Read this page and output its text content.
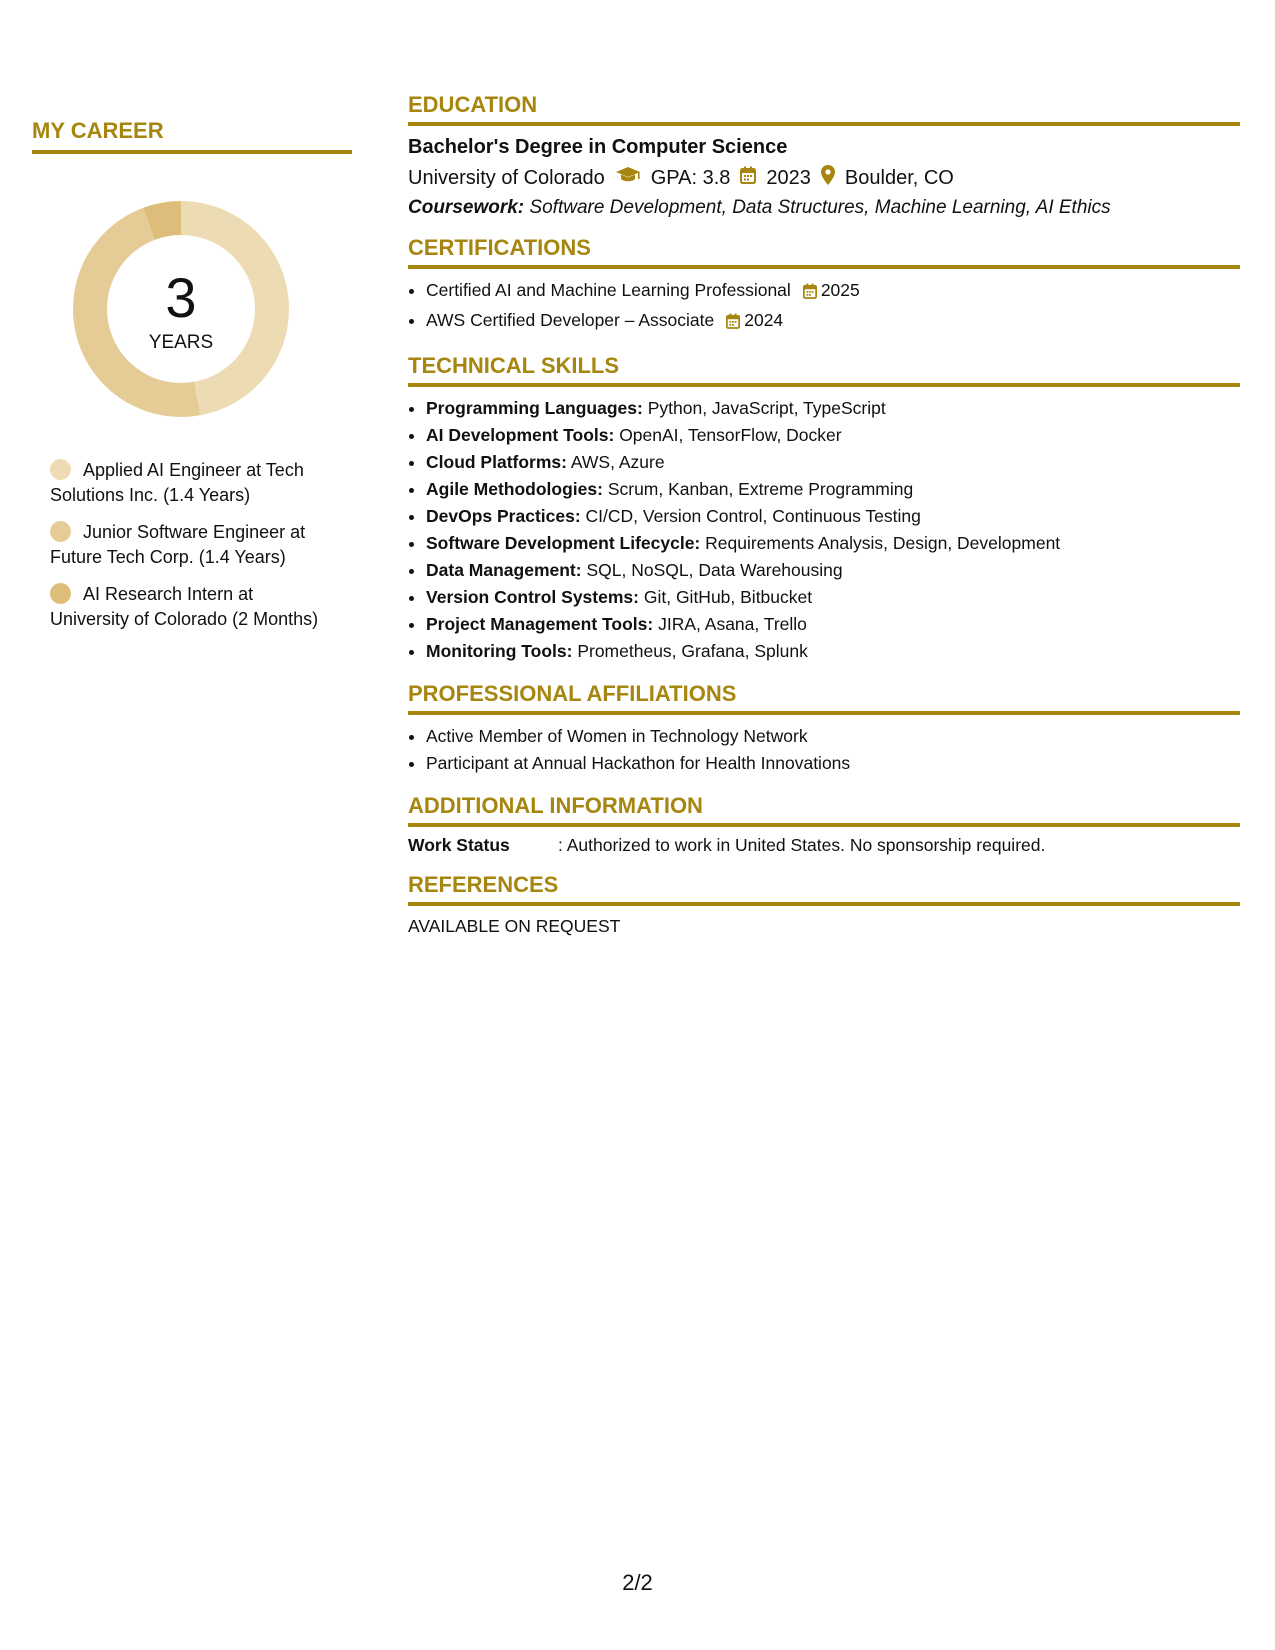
MY CAREER
3
YEARS
Applied AI Engineer at Tech Solutions Inc. (1.4 Years)
Junior Software Engineer at Future Tech Corp. (1.4 Years)
AI Research Intern at University of Colorado (2 Months)
EDUCATION
Bachelor's Degree in Computer Science
University of Colorado GPA: 3.8 2023 Boulder, CO
Coursework: Software Development, Data Structures, Machine Learning, AI Ethics
CERTIFICATIONS
• Certified AI and Machine Learning Professional 2025
• AWS Certified Developer – Associate 2024
TECHNICAL SKILLS
• Programming Languages: Python, JavaScript, TypeScript
• AI Development Tools: OpenAI, TensorFlow, Docker
• Cloud Platforms: AWS, Azure
• Agile Methodologies: Scrum, Kanban, Extreme Programming
• DevOps Practices: CI/CD, Version Control, Continuous Testing
• Software Development Lifecycle: Requirements Analysis, Design, Development
• Data Management: SQL, NoSQL, Data Warehousing
• Version Control Systems: Git, GitHub, Bitbucket
• Project Management Tools: JIRA, Asana, Trello
• Monitoring Tools: Prometheus, Grafana, Splunk
PROFESSIONAL AFFILIATIONS
• Active Member of Women in Technology Network
• Participant at Annual Hackathon for Health Innovations
ADDITIONAL INFORMATION
Work Status	: Authorized to work in United States. No sponsorship required.
REFERENCES
AVAILABLE ON REQUEST
2/2
